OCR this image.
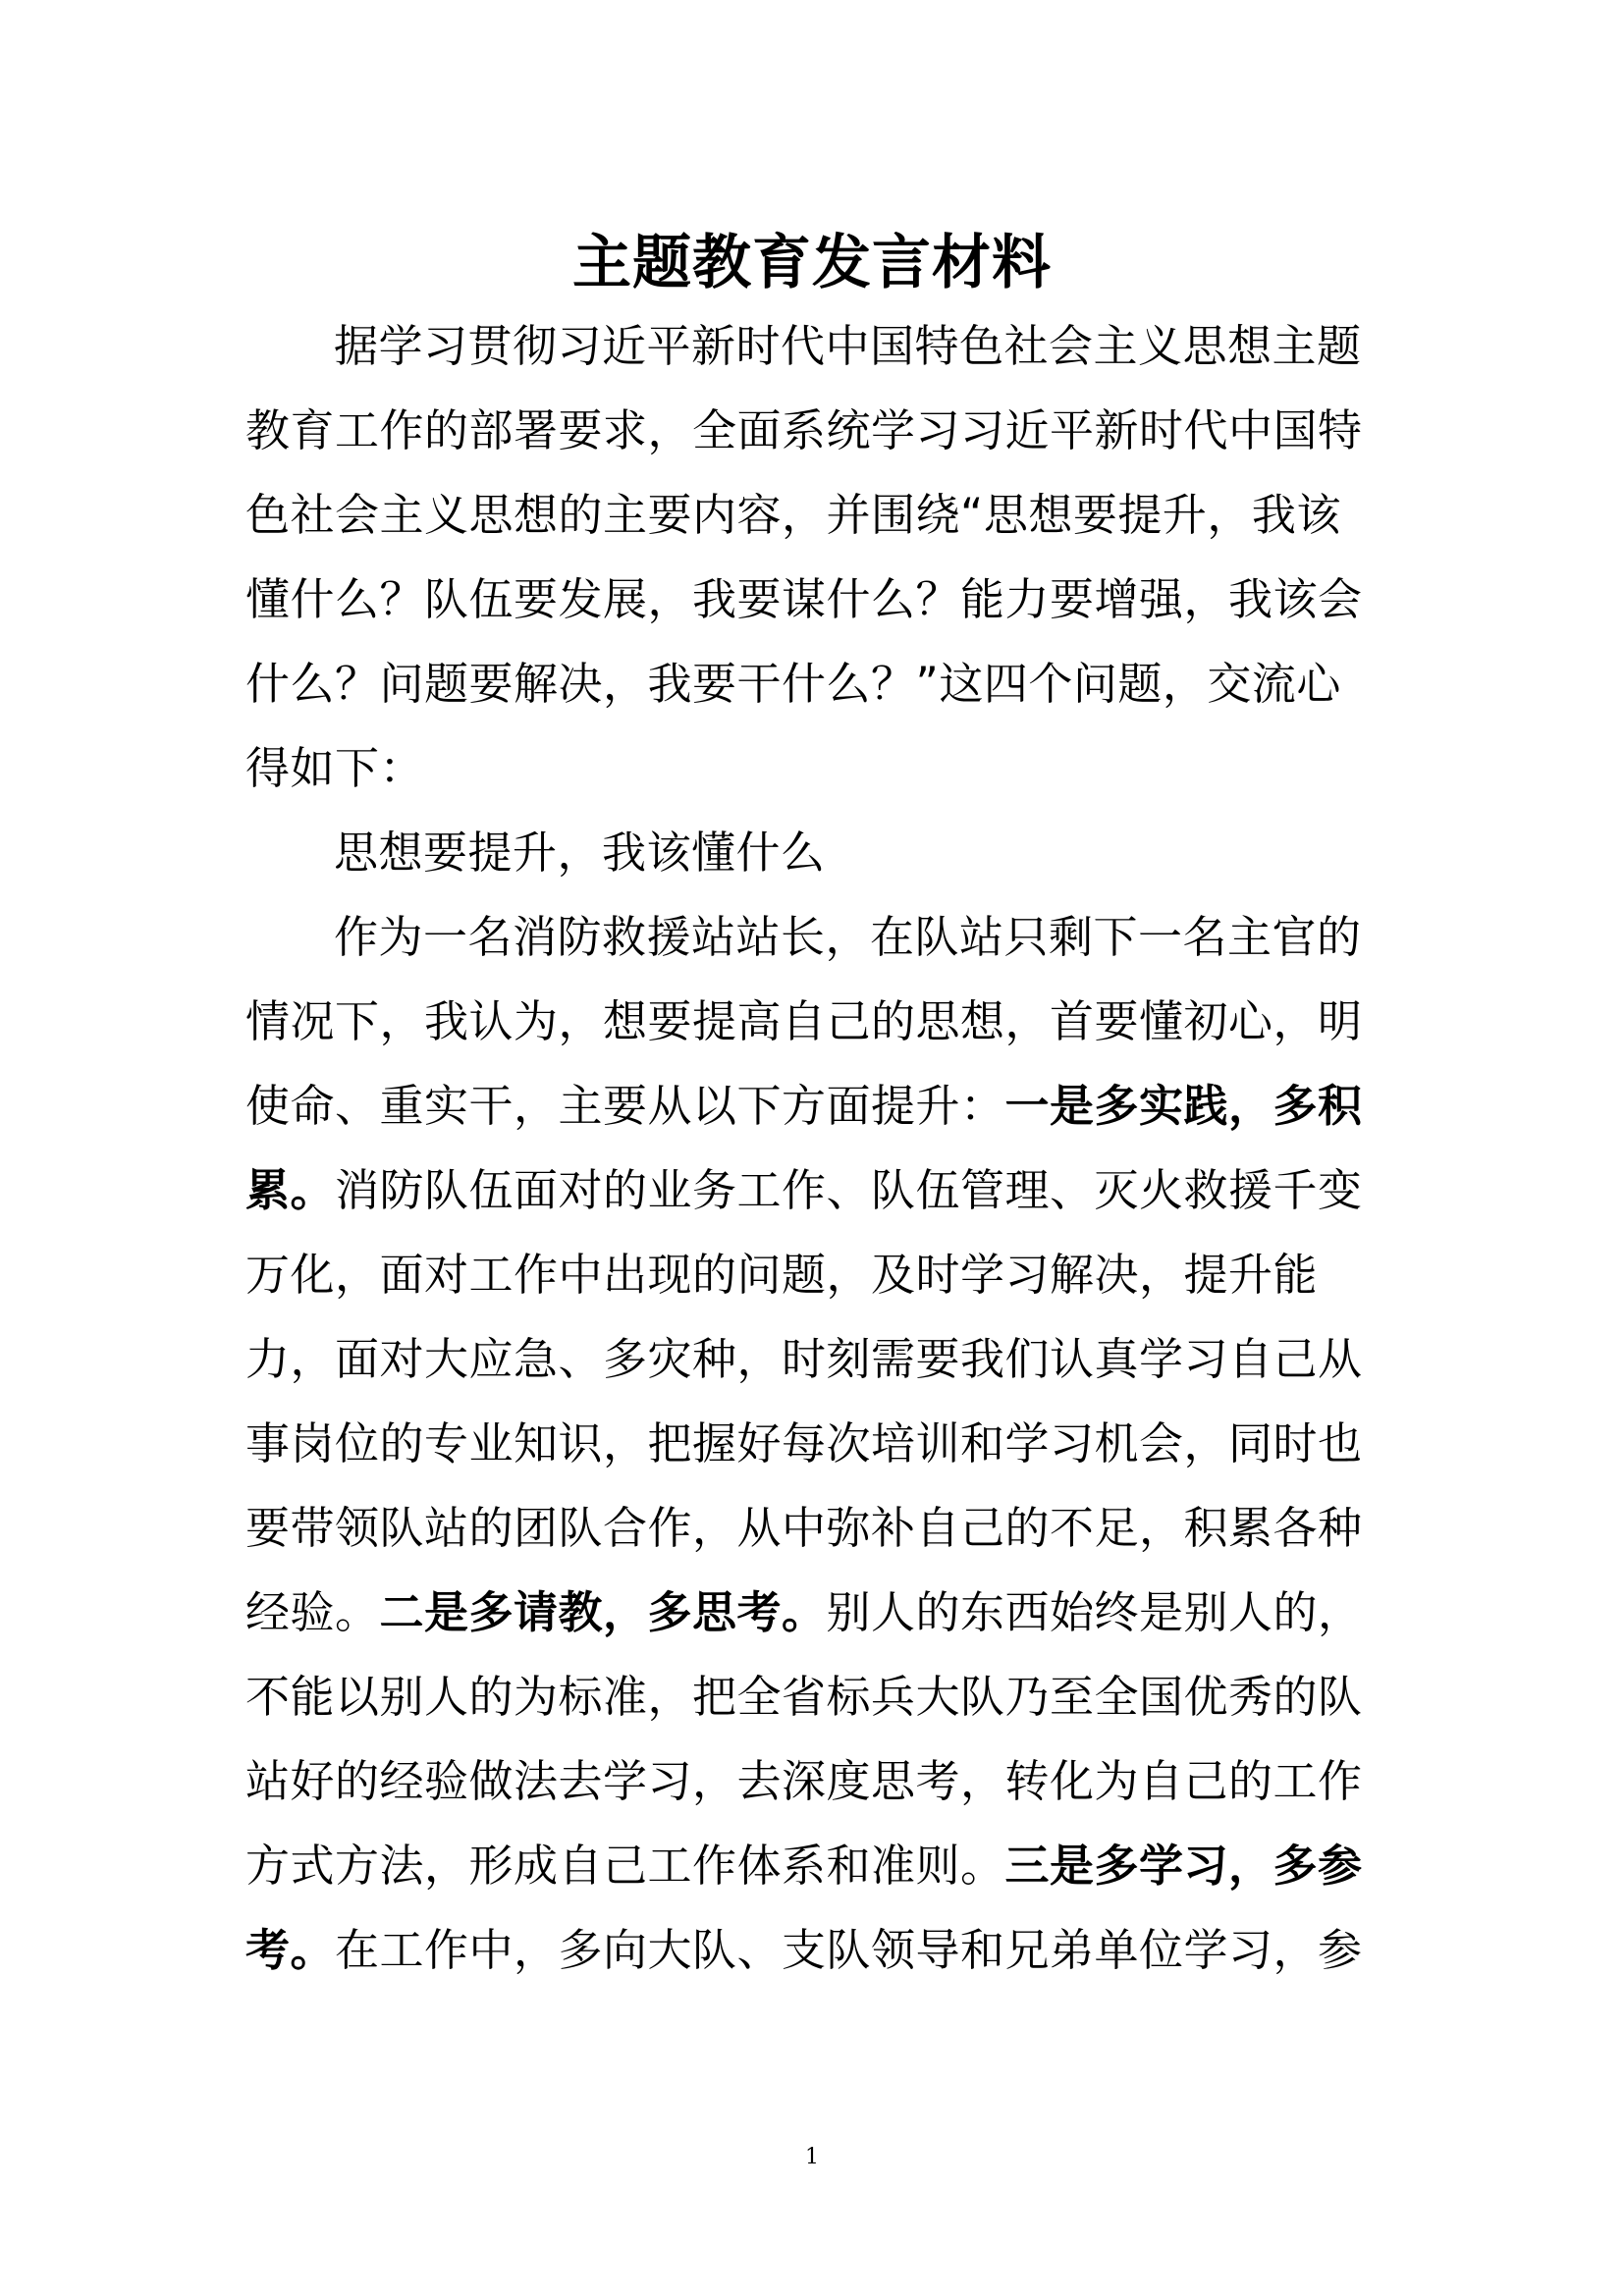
主题教育发言材料
据学习贯彻习近平新时代中国特色社会主义思想主题
教育工作的部署要求，全面系统学习习近平新时代中国特
色社会主义思想的主要内容，并围绕“思想要提升，我该
懂什么？队伍要发展，我要谋什么？能力要增强，我该会
什么？问题要解决，我要干什么？”这四个问题，交流心
得如下：
思想要提升，我该懂什么
作为一名消防救援站站长，在队站只剩下一名主官的
情况下，我认为，想要提高自己的思想，首要懂初心，明
使命、重实干，主要从以下方面提升：一是多实践，多积
累。消防队伍面对的业务工作、队伍管理、灭火救援千变
万化，面对工作中出现的问题，及时学习解决，提升能
力，面对大应急、多灾种，时刻需要我们认真学习自己从
事岗位的专业知识，把握好每次培训和学习机会，同时也
要带领队站的团队合作，从中弥补自己的不足，积累各种
经验。二是多请教，多思考。别人的东西始终是别人的，
不能以别人的为标准，把全省标兵大队乃至全国优秀的队
站好的经验做法去学习，去深度思考，转化为自己的工作
方式方法，形成自己工作体系和准则。三是多学习，多参
考。在工作中，多向大队、支队领导和兄弟单位学习，参
1
